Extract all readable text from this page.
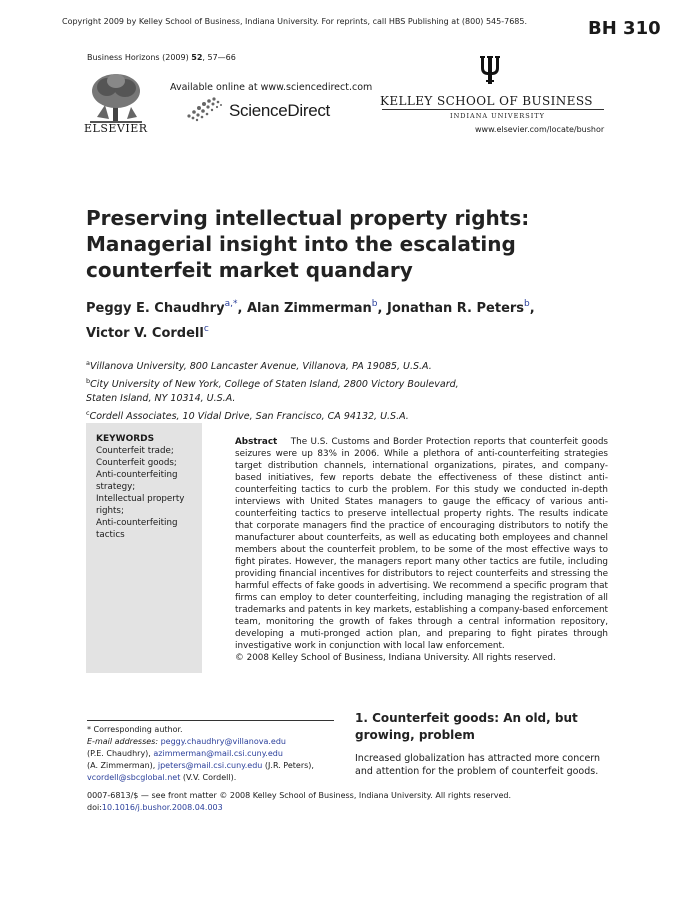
Copyright 2009 by Kelley School of Business, Indiana University. For reprints, call HBS Publishing at (800) 545-7685.	BH 310
Business Horizons (2009) 52, 57—66
ELSEVIER
Available online at www.sciencedirect.com
ScienceDirect	KELLEY SCHOOL OF BUSINESS
INDIANA UNIVERSITY
www.elsevier.com/locate/bushor
Preserving intellectual property rights:
Managerial insight into the escalating
counterfeit market quandary
Peggy E. Chaudhry$^{a,*}$, Alan Zimmerman$^b$, Jonathan R. Peters$^b$,
Victor V. Cordell$^c$
$^a$Villanova University, 800 Lancaster Avenue, Villanova, PA 19085, U.S.A.
$^b$City University of New York, College of Staten Island, 2800 Victory Boulevard,
Staten Island, NY 10314, U.S.A.
$^c$Cordell Associates, 10 Vidal Drive, San Francisco, CA 94132, U.S.A.
KEYWORDS
Counterfeit trade;
Counterfeit goods;
Anti-counterfeiting
strategy;
Intellectual property
rights;
Anti-counterfeiting
tactics
Abstract The U.S. Customs and Border Protection reports that counterfeit goods seizures were up 83% in 2006. While a plethora of anti-counterfeiting strategies target distribution channels, international organizations, pirates, and company-based initiatives, few reports debate the effectiveness of these distinct anti-counterfeiting tactics to curb the problem. For this study we conducted in-depth interviews with United States managers to gauge the efficacy of various anti-counterfeiting tactics to preserve intellectual property rights. The results indicate that corporate managers find the practice of encouraging distributors to notify the manufacturer about counterfeits, as well as educating both employees and channel members about the counterfeit problem, to be some of the most effective ways to fight pirates. However, the managers report many other tactics are futile, including providing financial incentives for distributors to reject counterfeits and stressing the harmful effects of fake goods in advertising. We recommend a specific program that firms can employ to deter counterfeiting, including managing the registration of all trademarks and patents in key markets, establishing a company-based enforcement team, monitoring the growth of fakes through a central information repository, developing a muti-pronged action plan, and preparing to fight pirates through investigative work in conjunction with local law enforcement.
© 2008 Kelley School of Business, Indiana University. All rights reserved.
* Corresponding author.
E-mail addresses: peggy.chaudhry@villanova.edu
(P.E. Chaudhry), azimmerman@mail.csi.cuny.edu
(A. Zimmerman), jpeters@mail.csi.cuny.edu (J.R. Peters),
vcordell@sbcglobal.net (V.V. Cordell).
1. Counterfeit goods: An old, but growing, problem
Increased globalization has attracted more concern and attention for the problem of counterfeit goods.
0007-6813/$ — see front matter © 2008 Kelley School of Business, Indiana University. All rights reserved.
doi:10.1016/j.bushor.2008.04.003
